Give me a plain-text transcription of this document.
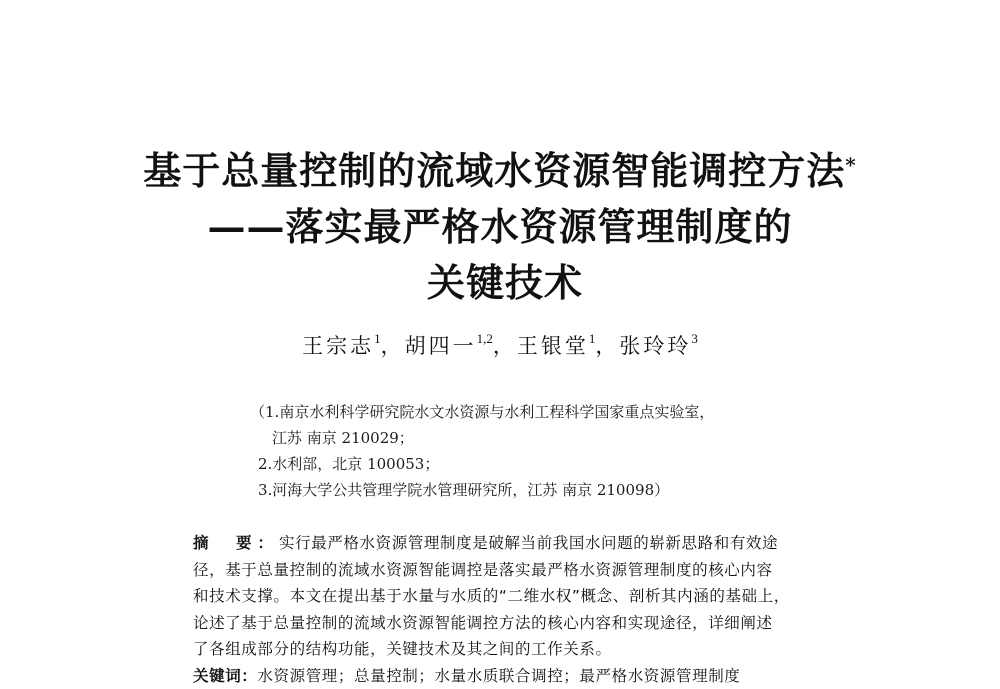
基于总量控制的流域水资源智能调控方法*
——落实最严格水资源管理制度的
关键技术
王宗志$^1$，胡四一$^{1,2}$，王银堂$^1$，张玲玲$^3$
（1.南京水利科学研究院水文水资源与水利工程科学国家重点实验室，
江苏 南京 210029；
2.水利部，北京 100053；
3.河海大学公共管理学院水管理研究所，江苏 南京 210098）
摘　要：实行最严格水资源管理制度是破解当前我国水问题的崭新思路和有效途
径，基于总量控制的流域水资源智能调控是落实最严格水资源管理制度的核心内容
和技术支撑。本文在提出基于水量与水质的“二维水权”概念、剖析其内涵的基础上，
论述了基于总量控制的流域水资源智能调控方法的核心内容和实现途径，详细阐述
了各组成部分的结构功能，关键技术及其之间的工作关系。
关键词：水资源管理；总量控制；水量水质联合调控；最严格水资源管理制度
